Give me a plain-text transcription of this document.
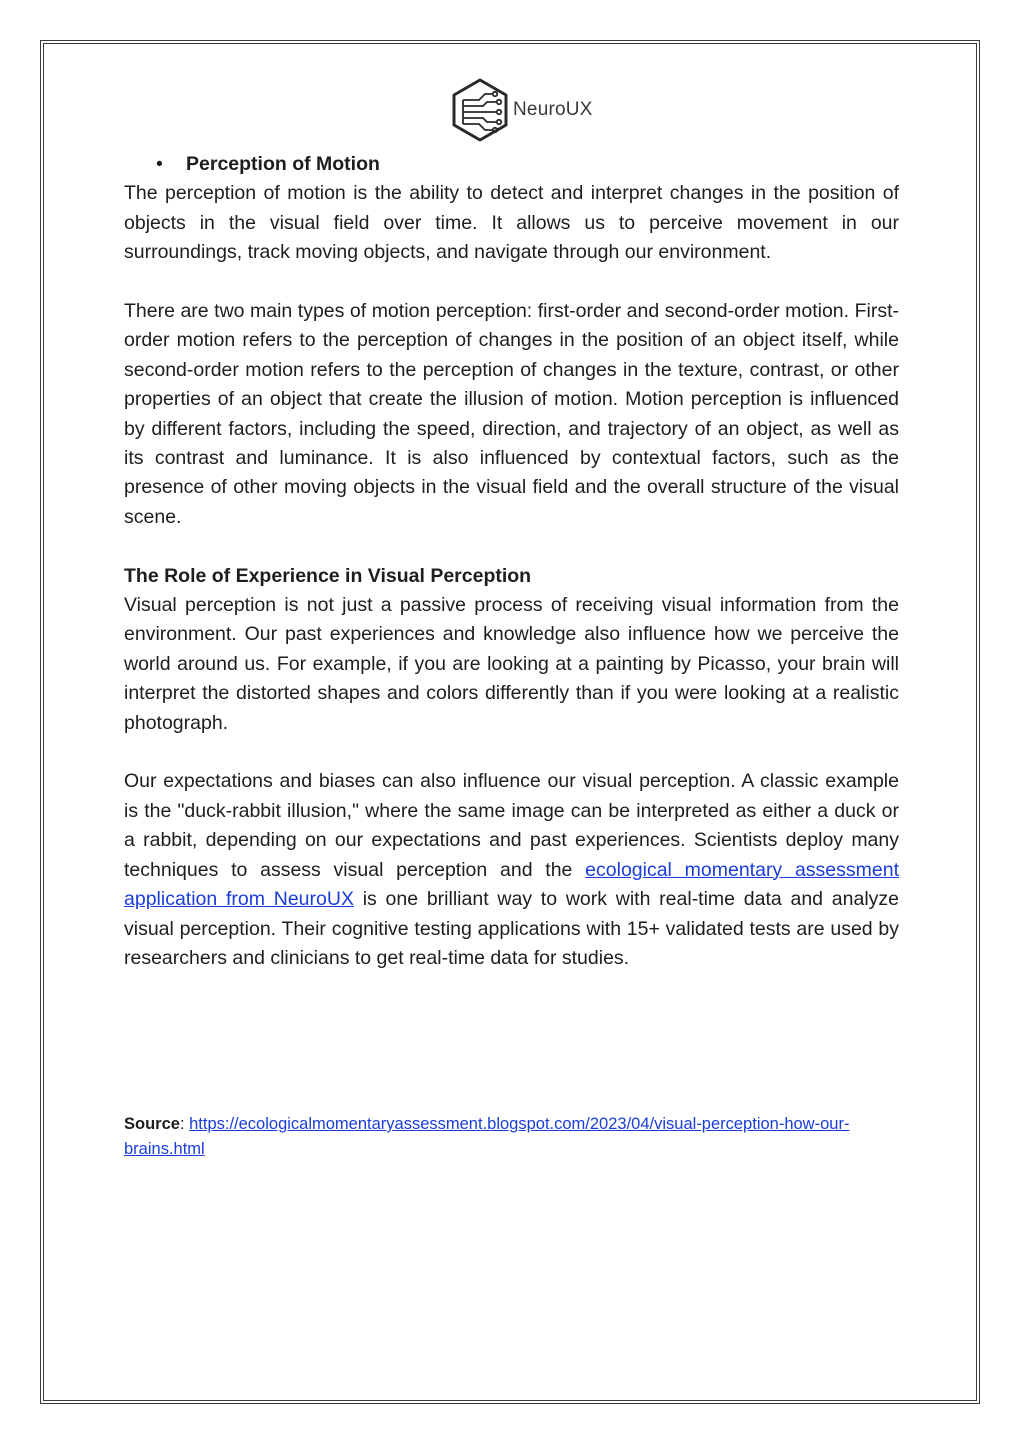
NeuroUX
•	Perception of Motion

The perception of motion is the ability to detect and interpret changes in the position of objects in the visual field over time. It allows us to perceive movement in our surroundings, track moving objects, and navigate through our environment.

There are two main types of motion perception: first-order and second-order motion. First-order motion refers to the perception of changes in the position of an object itself, while second-order motion refers to the perception of changes in the texture, contrast, or other properties of an object that create the illusion of motion. Motion perception is influenced by different factors, including the speed, direction, and trajectory of an object, as well as its contrast and luminance. It is also influenced by contextual factors, such as the presence of other moving objects in the visual field and the overall structure of the visual scene.

The Role of Experience in Visual Perception

Visual perception is not just a passive process of receiving visual information from the environment. Our past experiences and knowledge also influence how we perceive the world around us. For example, if you are looking at a painting by Picasso, your brain will interpret the distorted shapes and colors differently than if you were looking at a realistic photograph.

Our expectations and biases can also influence our visual perception. A classic example is the "duck-rabbit illusion," where the same image can be interpreted as either a duck or a rabbit, depending on our expectations and past experiences. Scientists deploy many techniques to assess visual perception and the ecological momentary assessment application from NeuroUX is one brilliant way to work with real-time data and analyze visual perception. Their cognitive testing applications with 15+ validated tests are used by researchers and clinicians to get real-time data for studies.

Source: https://ecologicalmomentaryassessment.blogspot.com/2023/04/visual-perception-how-our-brains.html
